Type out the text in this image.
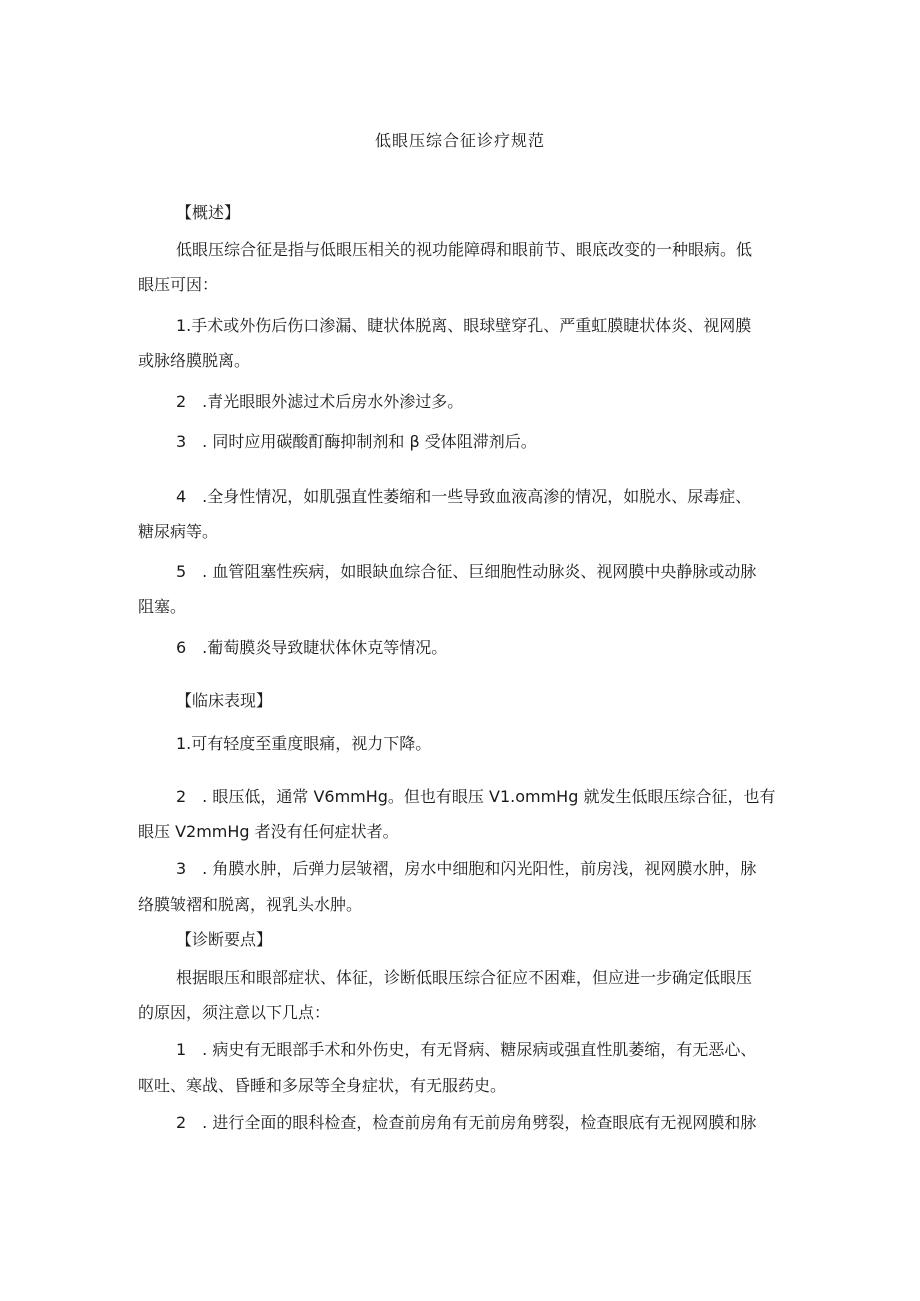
低眼压综合征诊疗规范
【概述】
低眼压综合征是指与低眼压相关的视功能障碍和眼前节、眼底改变的一种眼病。低
眼压可因：
1.手术或外伤后伤口渗漏、睫状体脱离、眼球壁穿孔、严重虹膜睫状体炎、视网膜
或脉络膜脱离。
2　.青光眼眼外滤过术后房水外渗过多。
3　. 同时应用碳酸酊酶抑制剂和 β 受体阻滞剂后。
4　.全身性情况，如肌强直性萎缩和一些导致血液高渗的情况，如脱水、尿毒症、
糖尿病等。
5　. 血管阻塞性疾病，如眼缺血综合征、巨细胞性动脉炎、视网膜中央静脉或动脉
阻塞。
6　.葡萄膜炎导致睫状体休克等情况。
【临床表现】
1.可有轻度至重度眼痛，视力下降。
2　. 眼压低，通常 V6mmHg。但也有眼压 V1.ommHg 就发生低眼压综合征，也有
眼压 V2mmHg 者没有任何症状者。
3　. 角膜水肿，后弹力层皱褶，房水中细胞和闪光阳性，前房浅，视网膜水肿，脉
络膜皱褶和脱离，视乳头水肿。
【诊断要点】
根据眼压和眼部症状、体征，诊断低眼压综合征应不困难，但应进一步确定低眼压
的原因，须注意以下几点：
1　. 病史有无眼部手术和外伤史，有无肾病、糖尿病或强直性肌萎缩，有无恶心、
呕吐、寒战、昏睡和多尿等全身症状，有无服药史。
2　. 进行全面的眼科检查，检查前房角有无前房角劈裂，检查眼底有无视网膜和脉
